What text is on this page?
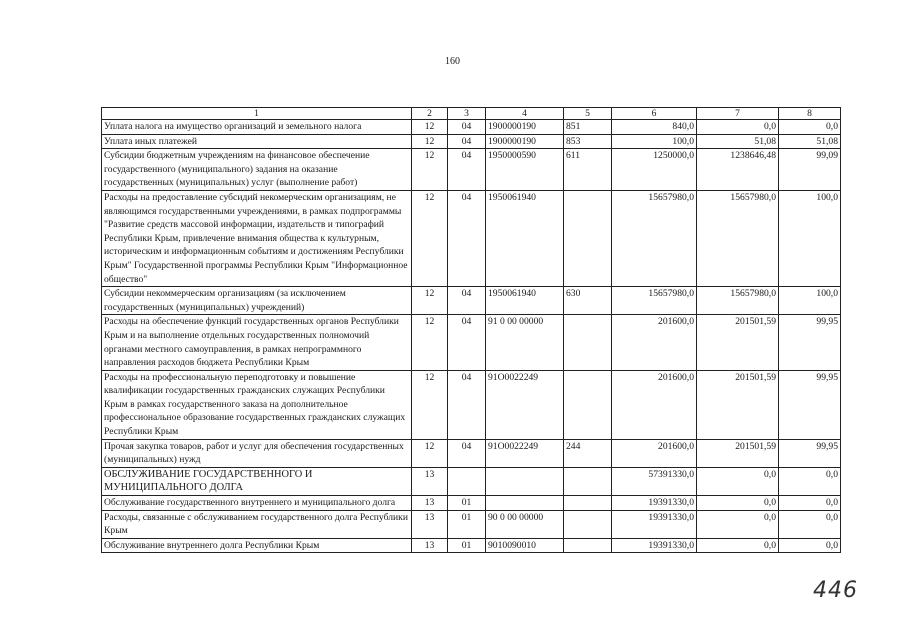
160
1	2	3	4	5	6	7	8
Уплата налога на имущество организаций и земельного налога	12	04	1900000190	851	840,0	0,0	0,0
Уплата иных платежей	12	04	1900000190	853	100,0	51,08	51,08
Субсидии бюджетным учреждениям на финансовое обеспечение государственного (муниципального) задания на оказание государственных (муниципальных) услуг (выполнение работ)	12	04	1950000590	611	1250000,0	1238646,48	99,09
Расходы на предоставление субсидий некомерческим организациям, не являющимся государственными учреждениями, в рамках подпрограммы "Развитие средств массовой информации, издательств и типографий Республики Крым, привлечение внимания общества к культурным, историческим и информационным событиям и достижениям Республики Крым" Государственной программы Республики Крым "Информационное общество"	12	04	1950061940		15657980,0	15657980,0	100,0
Субсидии некоммерческим организациям (за исключением государственных (муниципальных) учреждений)	12	04	1950061940	630	15657980,0	15657980,0	100,0
Расходы на обеспечение функций государственных органов Республики Крым и на выполнение отдельных государственных полномочий органами местного самоуправления, в рамках непрограммного направления расходов бюджета Республики Крым	12	04	91 0 00 00000		201600,0	201501,59	99,95
Расходы на профессиональную переподготовку и повышение квалификации государственных гражданских служащих Республики Крым в рамках государственного заказа на дополнительное профессиональное образование государственных гражданских служащих Республики Крым	12	04	91O0022249		201600,0	201501,59	99,95
Прочая закупка товаров, работ и услуг для обеспечения государственных (муниципальных) нужд	12	04	91O0022249	244	201600,0	201501,59	99,95
ОБСЛУЖИВАНИЕ ГОСУДАРСТВЕННОГО И МУНИЦИПАЛЬНОГО ДОЛГА	13				57391330,0	0,0	0,0
Обслуживание государственного внутреннего и муниципального долга	13	01			19391330,0	0,0	0,0
Расходы, связанные с обслуживанием государственного долга Республики Крым	13	01	90 0 00 00000		19391330,0	0,0	0,0
Обслуживание внутреннего долга Республики Крым	13	01	9010090010		19391330,0	0,0	0,0
446
